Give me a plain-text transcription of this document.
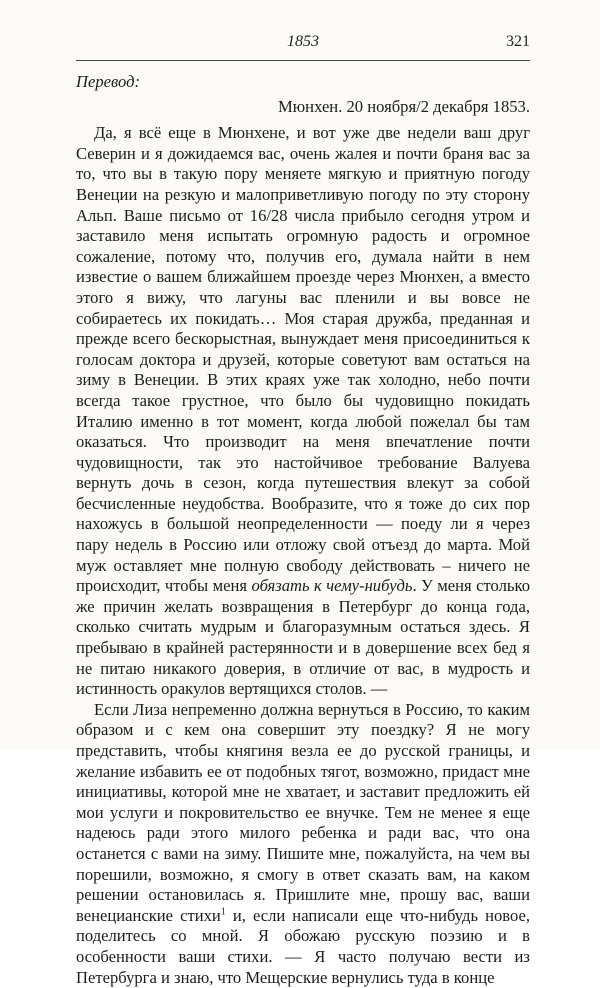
1853	321

Перевод:

Мюнхен. 20 ноября/2 декабря 1853.

Да, я всё еще в Мюнхене, и вот уже две недели ваш друг Северин и я дожидаемся вас, очень жалея и почти браня вас за то, что вы в такую пору меняете мягкую и приятную погоду Венеции на резкую и малоприветливую погоду по эту сторону Альп. Ваше письмо от 16/28 числа прибыло сегодня утром и заставило меня испытать огромную радость и огромное сожаление, потому что, получив его, думала найти в нем известие о вашем ближайшем проезде через Мюнхен, а вместо этого я вижу, что лагуны вас пленили и вы вовсе не собираетесь их покидать… Моя старая дружба, преданная и прежде всего бескорыстная, вынуждает меня присоединиться к голосам доктора и друзей, которые советуют вам остаться на зиму в Венеции. В этих краях уже так холодно, небо почти всегда такое грустное, что было бы чудовищно покидать Италию именно в тот момент, когда любой пожелал бы там оказаться. Что производит на меня впечатление почти чудовищности, так это настойчивое требование Валуева вернуть дочь в сезон, когда путешествия влекут за собой бесчисленные неудобства. Вообразите, что я тоже до сих пор нахожусь в большой неопределенности — поеду ли я через пару недель в Россию или отложу свой отъезд до марта. Мой муж оставляет мне полную свободу действовать – ничего не происходит, чтобы меня обязать к чему-нибудь. У меня столько же причин желать возвращения в Петербург до конца года, сколько считать мудрым и благоразумным остаться здесь. Я пребываю в крайней растерянности и в довершение всех бед я не питаю никакого доверия, в отличие от вас, в мудрость и истинность оракулов вертящихся столов. —

Если Лиза непременно должна вернуться в Россию, то каким образом и с кем она совершит эту поездку? Я не могу представить, чтобы княгиня везла ее до русской границы, и желание избавить ее от подобных тягот, возможно, придаст мне инициативы, которой мне не хватает, и заставит предложить ей мои услуги и покровительство ее внучке. Тем не менее я еще надеюсь ради этого милого ребенка и ради вас, что она останется с вами на зиму. Пишите мне, пожалуйста, на чем вы порешили, возможно, я смогу в ответ сказать вам, на каком решении остановилась я. Пришлите мне, прошу вас, ваши венецианские стихи$^1$ и, если написали еще что-нибудь новое, поделитесь со мной. Я обожаю русскую поэзию и в особенности ваши стихи. — Я часто получаю вести из Петербурга и знаю, что Мещерские вернулись туда в конце
